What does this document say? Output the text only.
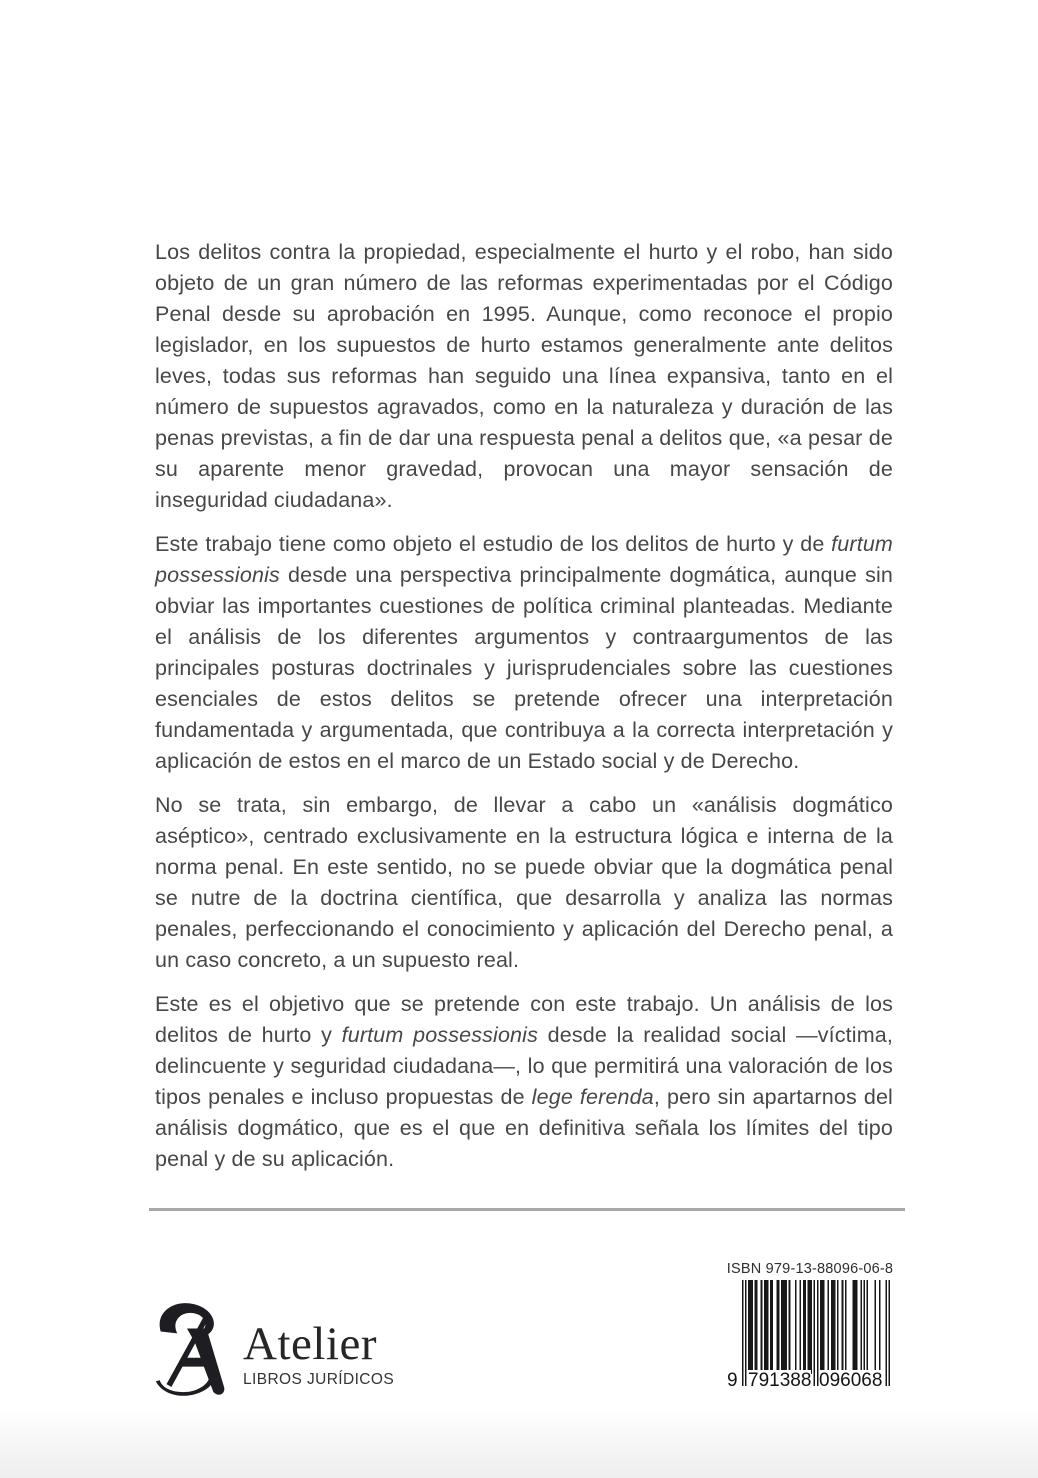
Los delitos contra la propiedad, especialmente el hurto y el robo, han sido objeto de un gran número de las reformas experimentadas por el Código Penal desde su aprobación en 1995. Aunque, como reconoce el propio legislador, en los supuestos de hurto estamos generalmente ante delitos leves, todas sus reformas han seguido una línea expansiva, tanto en el número de supuestos agravados, como en la naturaleza y duración de las penas previstas, a fin de dar una respuesta penal a delitos que, «a pesar de su aparente menor gravedad, provocan una mayor sensación de inseguridad ciudadana».

Este trabajo tiene como objeto el estudio de los delitos de hurto y de furtum possessionis desde una perspectiva principalmente dogmática, aunque sin obviar las importantes cuestiones de política criminal planteadas. Mediante el análisis de los diferentes argumentos y contraargumentos de las principales posturas doctrinales y jurisprudenciales sobre las cuestiones esenciales de estos delitos se pretende ofrecer una interpretación fundamentada y argumentada, que contribuya a la correcta interpretación y aplicación de estos en el marco de un Estado social y de Derecho.

No se trata, sin embargo, de llevar a cabo un «análisis dogmático aséptico», centrado exclusivamente en la estructura lógica e interna de la norma penal. En este sentido, no se puede obviar que la dogmática penal se nutre de la doctrina científica, que desarrolla y analiza las normas penales, perfeccionando el conocimiento y aplicación del Derecho penal, a un caso concreto, a un supuesto real.

Este es el objetivo que se pretende con este trabajo. Un análisis de los delitos de hurto y furtum possessionis desde la realidad social —víctima, delincuente y seguridad ciudadana—, lo que permitirá una valoración de los tipos penales e incluso propuestas de lege ferenda, pero sin apartarnos del análisis dogmático, que es el que en definitiva señala los límites del tipo penal y de su aplicación.

Atelier
LIBROS JURÍDICOS
ISBN 979-13-88096-06-8
9 791388 096068
